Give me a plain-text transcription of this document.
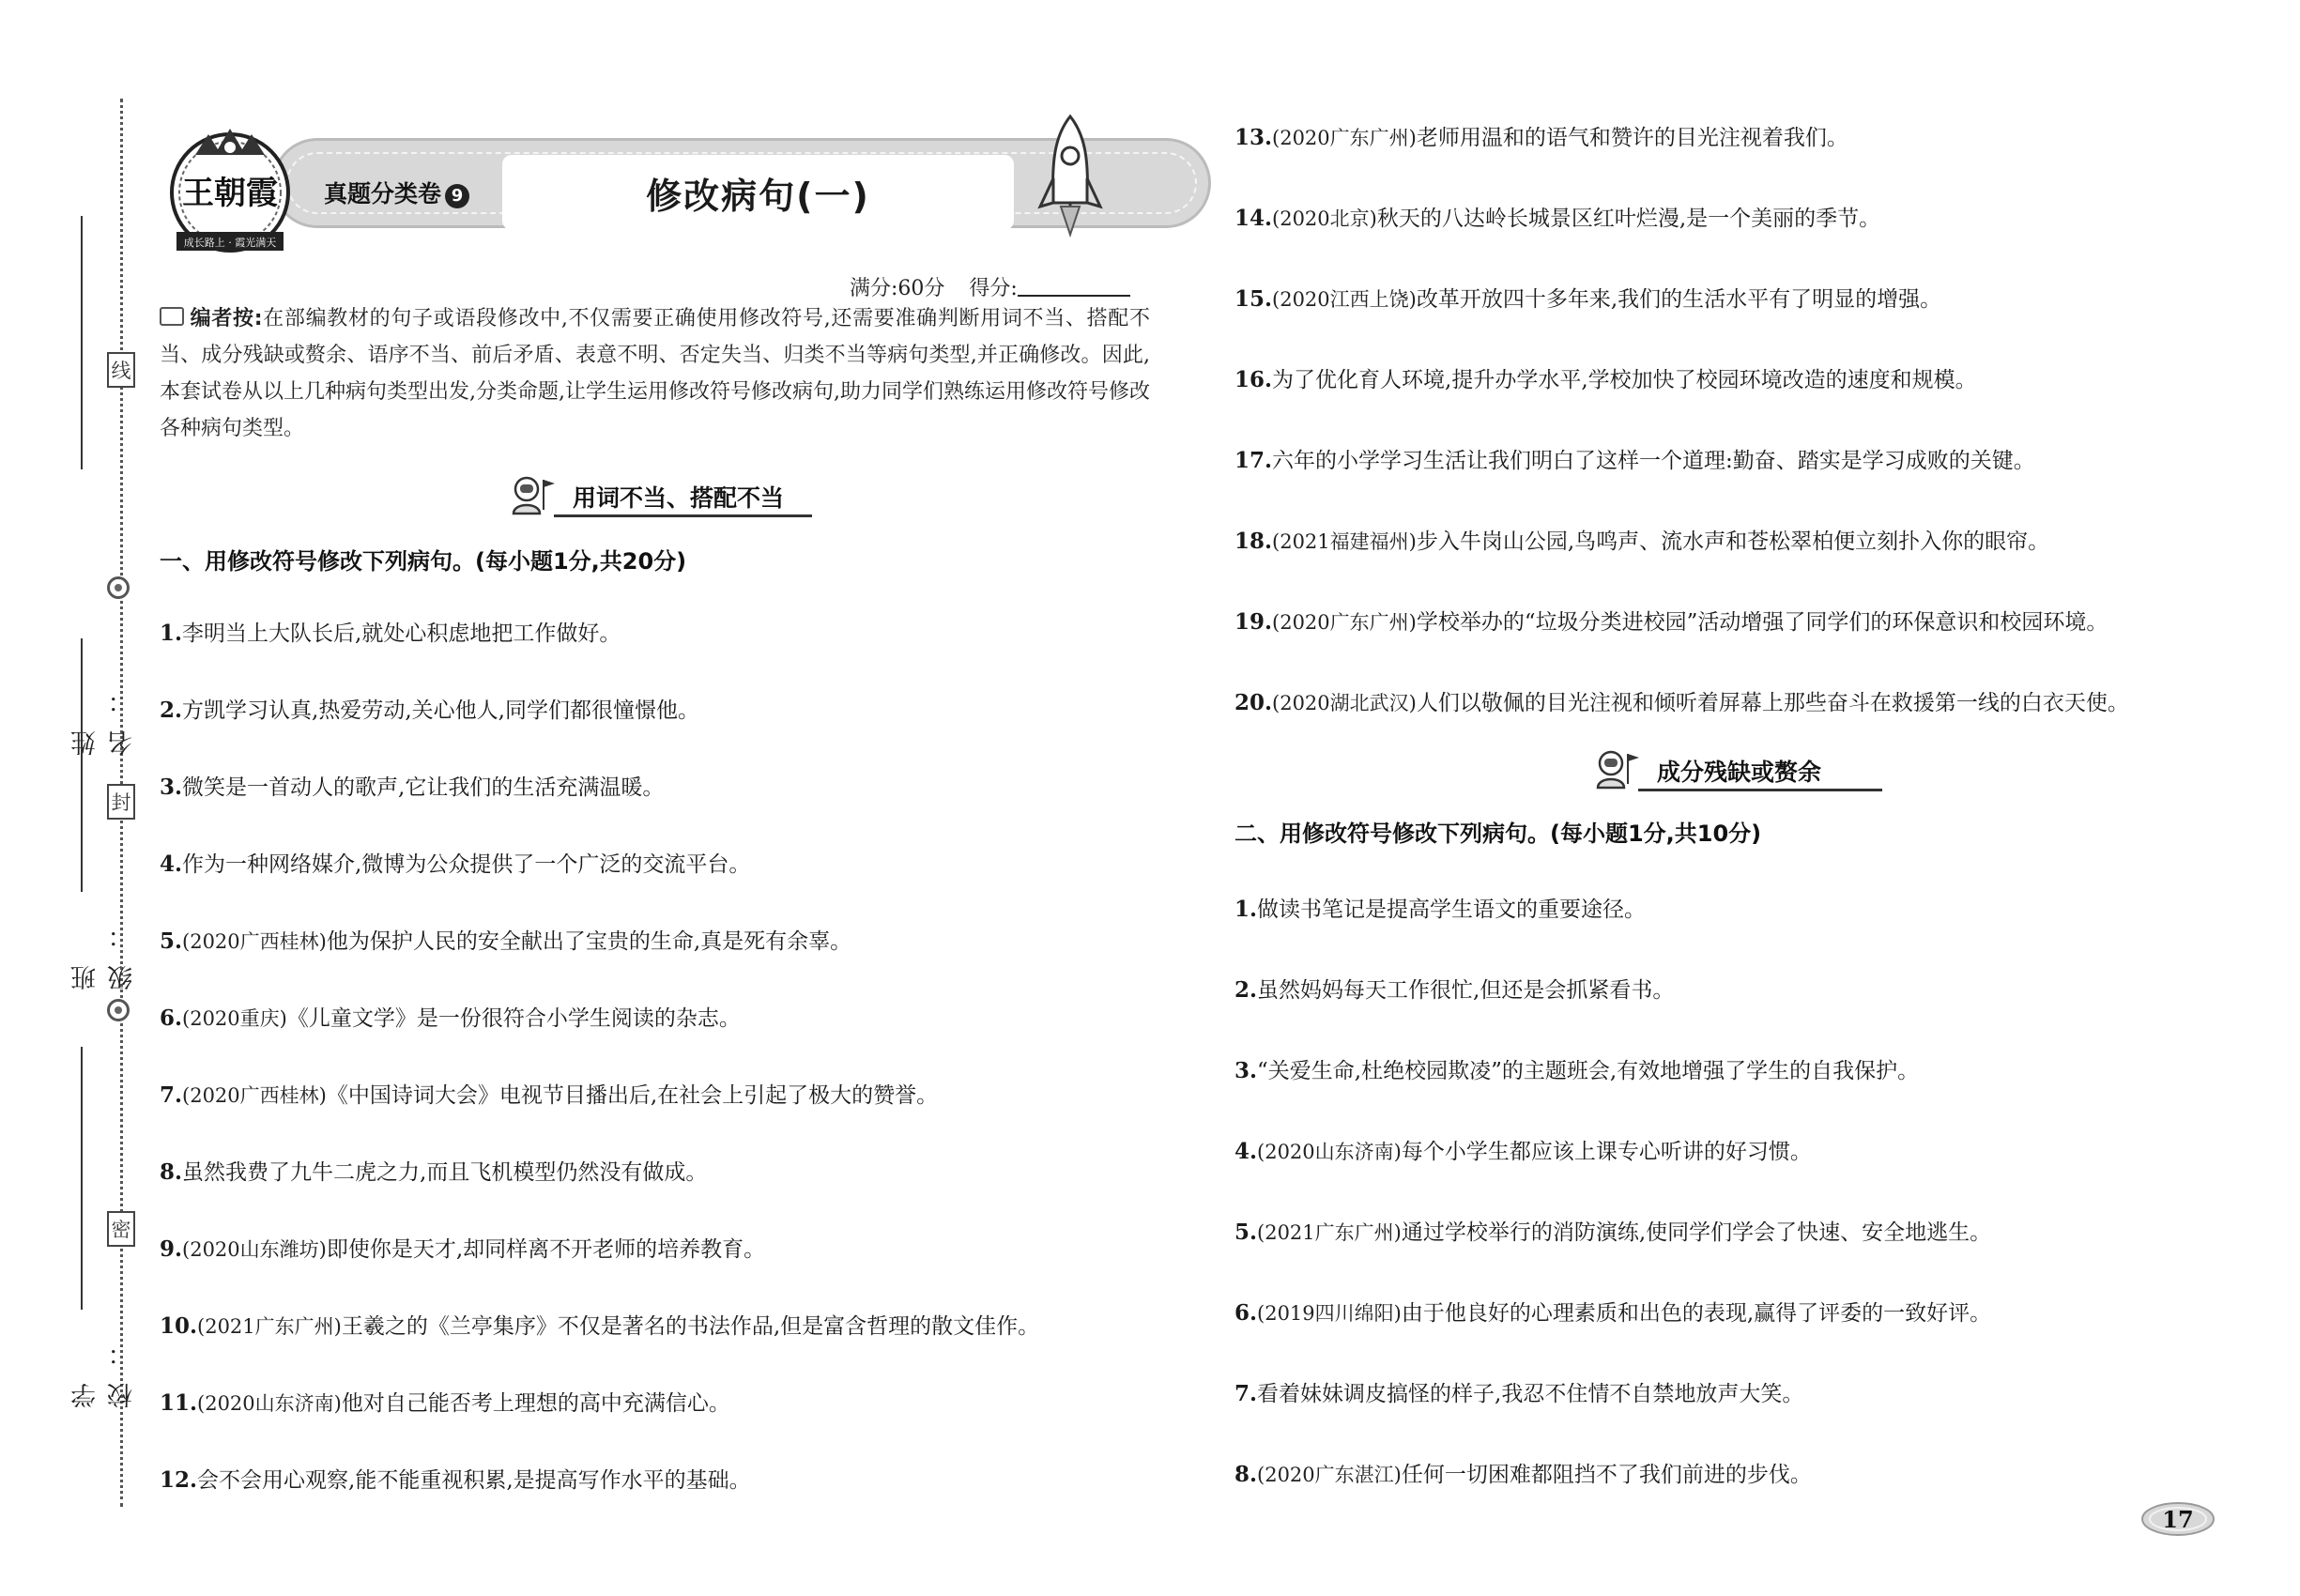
线
封
密
姓　名：
班　级：
学　校：
王朝霞
成长路上 · 霞光满天
真题分类卷 9	修改病句(一)
满分:60分 得分:
编者按:在部编教材的句子或语段修改中,不仅需要正确使用修改符号,还需要准确判断用词不当、搭配不当、成分残缺或赘余、语序不当、前后矛盾、表意不明、否定失当、归类不当等病句类型,并正确修改。因此,本套试卷从以上几种病句类型出发,分类命题,让学生运用修改符号修改病句,助力同学们熟练运用修改符号修改各种病句类型。
用词不当、搭配不当
一、用修改符号修改下列病句。(每小题1分,共20分)
1.李明当上大队长后,就处心积虑地把工作做好。
2.方凯学习认真,热爱劳动,关心他人,同学们都很憧憬他。
3.微笑是一首动人的歌声,它让我们的生活充满温暖。
4.作为一种网络媒介,微博为公众提供了一个广泛的交流平台。
5.(2020广西桂林)他为保护人民的安全献出了宝贵的生命,真是死有余辜。
6.(2020重庆)《儿童文学》是一份很符合小学生阅读的杂志。
7.(2020广西桂林)《中国诗词大会》电视节目播出后,在社会上引起了极大的赞誉。
8.虽然我费了九牛二虎之力,而且飞机模型仍然没有做成。
9.(2020山东潍坊)即使你是天才,却同样离不开老师的培养教育。
10.(2021广东广州)王羲之的《兰亭集序》不仅是著名的书法作品,但是富含哲理的散文佳作。
11.(2020山东济南)他对自己能否考上理想的高中充满信心。
12.会不会用心观察,能不能重视积累,是提高写作水平的基础。
13.(2020广东广州)老师用温和的语气和赞许的目光注视着我们。
14.(2020北京)秋天的八达岭长城景区红叶烂漫,是一个美丽的季节。
15.(2020江西上饶)改革开放四十多年来,我们的生活水平有了明显的增强。
16.为了优化育人环境,提升办学水平,学校加快了校园环境改造的速度和规模。
17.六年的小学学习生活让我们明白了这样一个道理:勤奋、踏实是学习成败的关键。
18.(2021福建福州)步入牛岗山公园,鸟鸣声、流水声和苍松翠柏便立刻扑入你的眼帘。
19.(2020广东广州)学校举办的“垃圾分类进校园”活动增强了同学们的环保意识和校园环境。
20.(2020湖北武汉)人们以敬佩的目光注视和倾听着屏幕上那些奋斗在救援第一线的白衣天使。
成分残缺或赘余
二、用修改符号修改下列病句。(每小题1分,共10分)
1.做读书笔记是提高学生语文的重要途径。
2.虽然妈妈每天工作很忙,但还是会抓紧看书。
3.“关爱生命,杜绝校园欺凌”的主题班会,有效地增强了学生的自我保护。
4.(2020山东济南)每个小学生都应该上课专心听讲的好习惯。
5.(2021广东广州)通过学校举行的消防演练,使同学们学会了快速、安全地逃生。
6.(2019四川绵阳)由于他良好的心理素质和出色的表现,赢得了评委的一致好评。
7.看着妹妹调皮搞怪的样子,我忍不住情不自禁地放声大笑。
8.(2020广东湛江)任何一切困难都阻挡不了我们前进的步伐。
17
